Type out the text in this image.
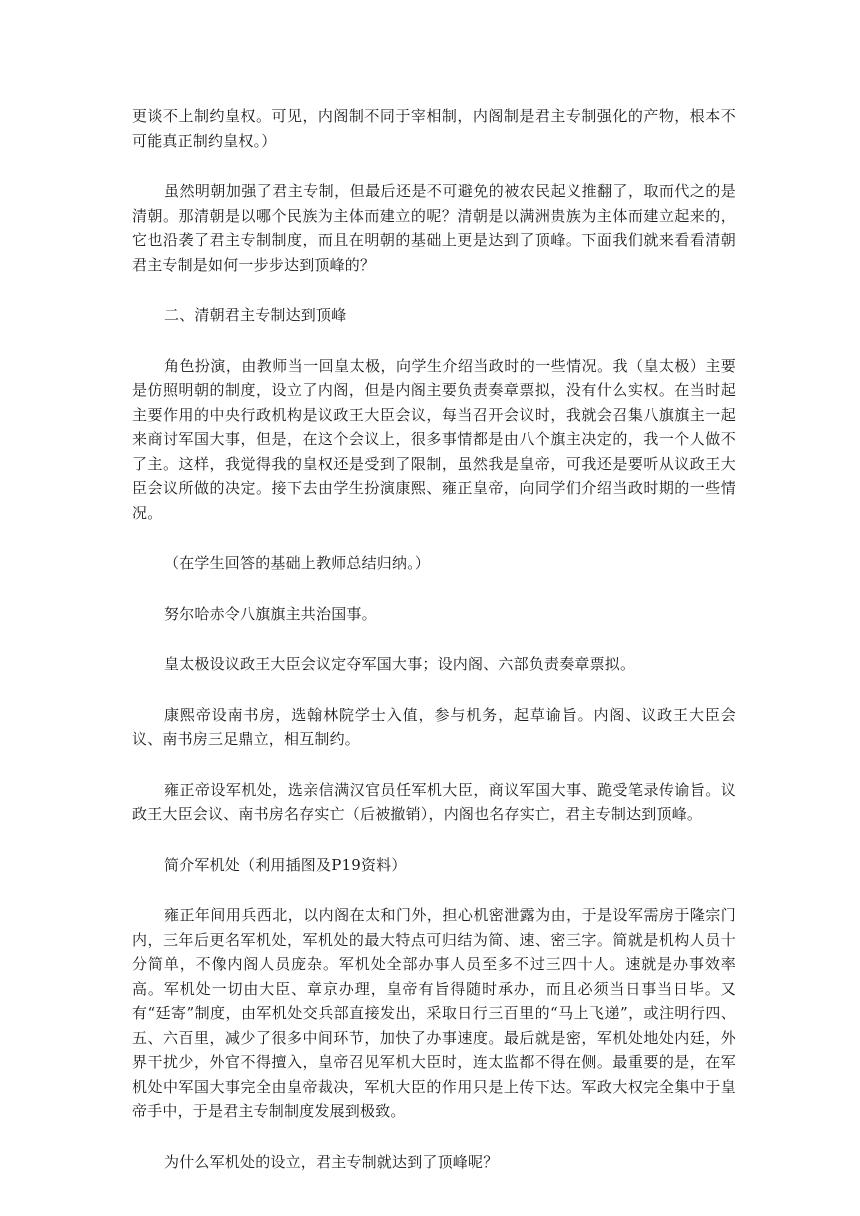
更谈不上制约皇权。可见，内阁制不同于宰相制，内阁制是君主专制强化的产物，根本不可能真正制约皇权。）

虽然明朝加强了君主专制，但最后还是不可避免的被农民起义推翻了，取而代之的是清朝。那清朝是以哪个民族为主体而建立的呢？清朝是以满洲贵族为主体而建立起来的，它也沿袭了君主专制制度，而且在明朝的基础上更是达到了顶峰。下面我们就来看看清朝君主专制是如何一步步达到顶峰的？

二、清朝君主专制达到顶峰

角色扮演，由教师当一回皇太极，向学生介绍当政时的一些情况。我（皇太极）主要是仿照明朝的制度，设立了内阁，但是内阁主要负责奏章票拟，没有什么实权。在当时起主要作用的中央行政机构是议政王大臣会议，每当召开会议时，我就会召集八旗旗主一起来商讨军国大事，但是，在这个会议上，很多事情都是由八个旗主决定的，我一个人做不了主。这样，我觉得我的皇权还是受到了限制，虽然我是皇帝，可我还是要听从议政王大臣会议所做的决定。接下去由学生扮演康熙、雍正皇帝，向同学们介绍当政时期的一些情况。

（在学生回答的基础上教师总结归纳。）

努尔哈赤令八旗旗主共治国事。

皇太极设议政王大臣会议定夺军国大事；设内阁、六部负责奏章票拟。

康熙帝设南书房，选翰林院学士入值，参与机务，起草谕旨。内阁、议政王大臣会议、南书房三足鼎立，相互制约。

雍正帝设军机处，选亲信满汉官员任军机大臣，商议军国大事、跪受笔录传谕旨。议政王大臣会议、南书房名存实亡（后被撤销），内阁也名存实亡，君主专制达到顶峰。

简介军机处（利用插图及P19资料）

雍正年间用兵西北，以内阁在太和门外，担心机密泄露为由，于是设军需房于隆宗门内，三年后更名军机处，军机处的最大特点可归结为简、速、密三字。简就是机构人员十分简单，不像内阁人员庞杂。军机处全部办事人员至多不过三四十人。速就是办事效率高。军机处一切由大臣、章京办理，皇帝有旨得随时承办，而且必须当日事当日毕。又有“廷寄”制度，由军机处交兵部直接发出，采取日行三百里的“马上飞递”，或注明行四、五、六百里，减少了很多中间环节，加快了办事速度。最后就是密，军机处地处内廷，外界干扰少，外官不得擅入，皇帝召见军机大臣时，连太监都不得在侧。最重要的是，在军机处中军国大事完全由皇帝裁决，军机大臣的作用只是上传下达。军政大权完全集中于皇帝手中，于是君主专制制度发展到极致。

为什么军机处的设立，君主专制就达到了顶峰呢？
